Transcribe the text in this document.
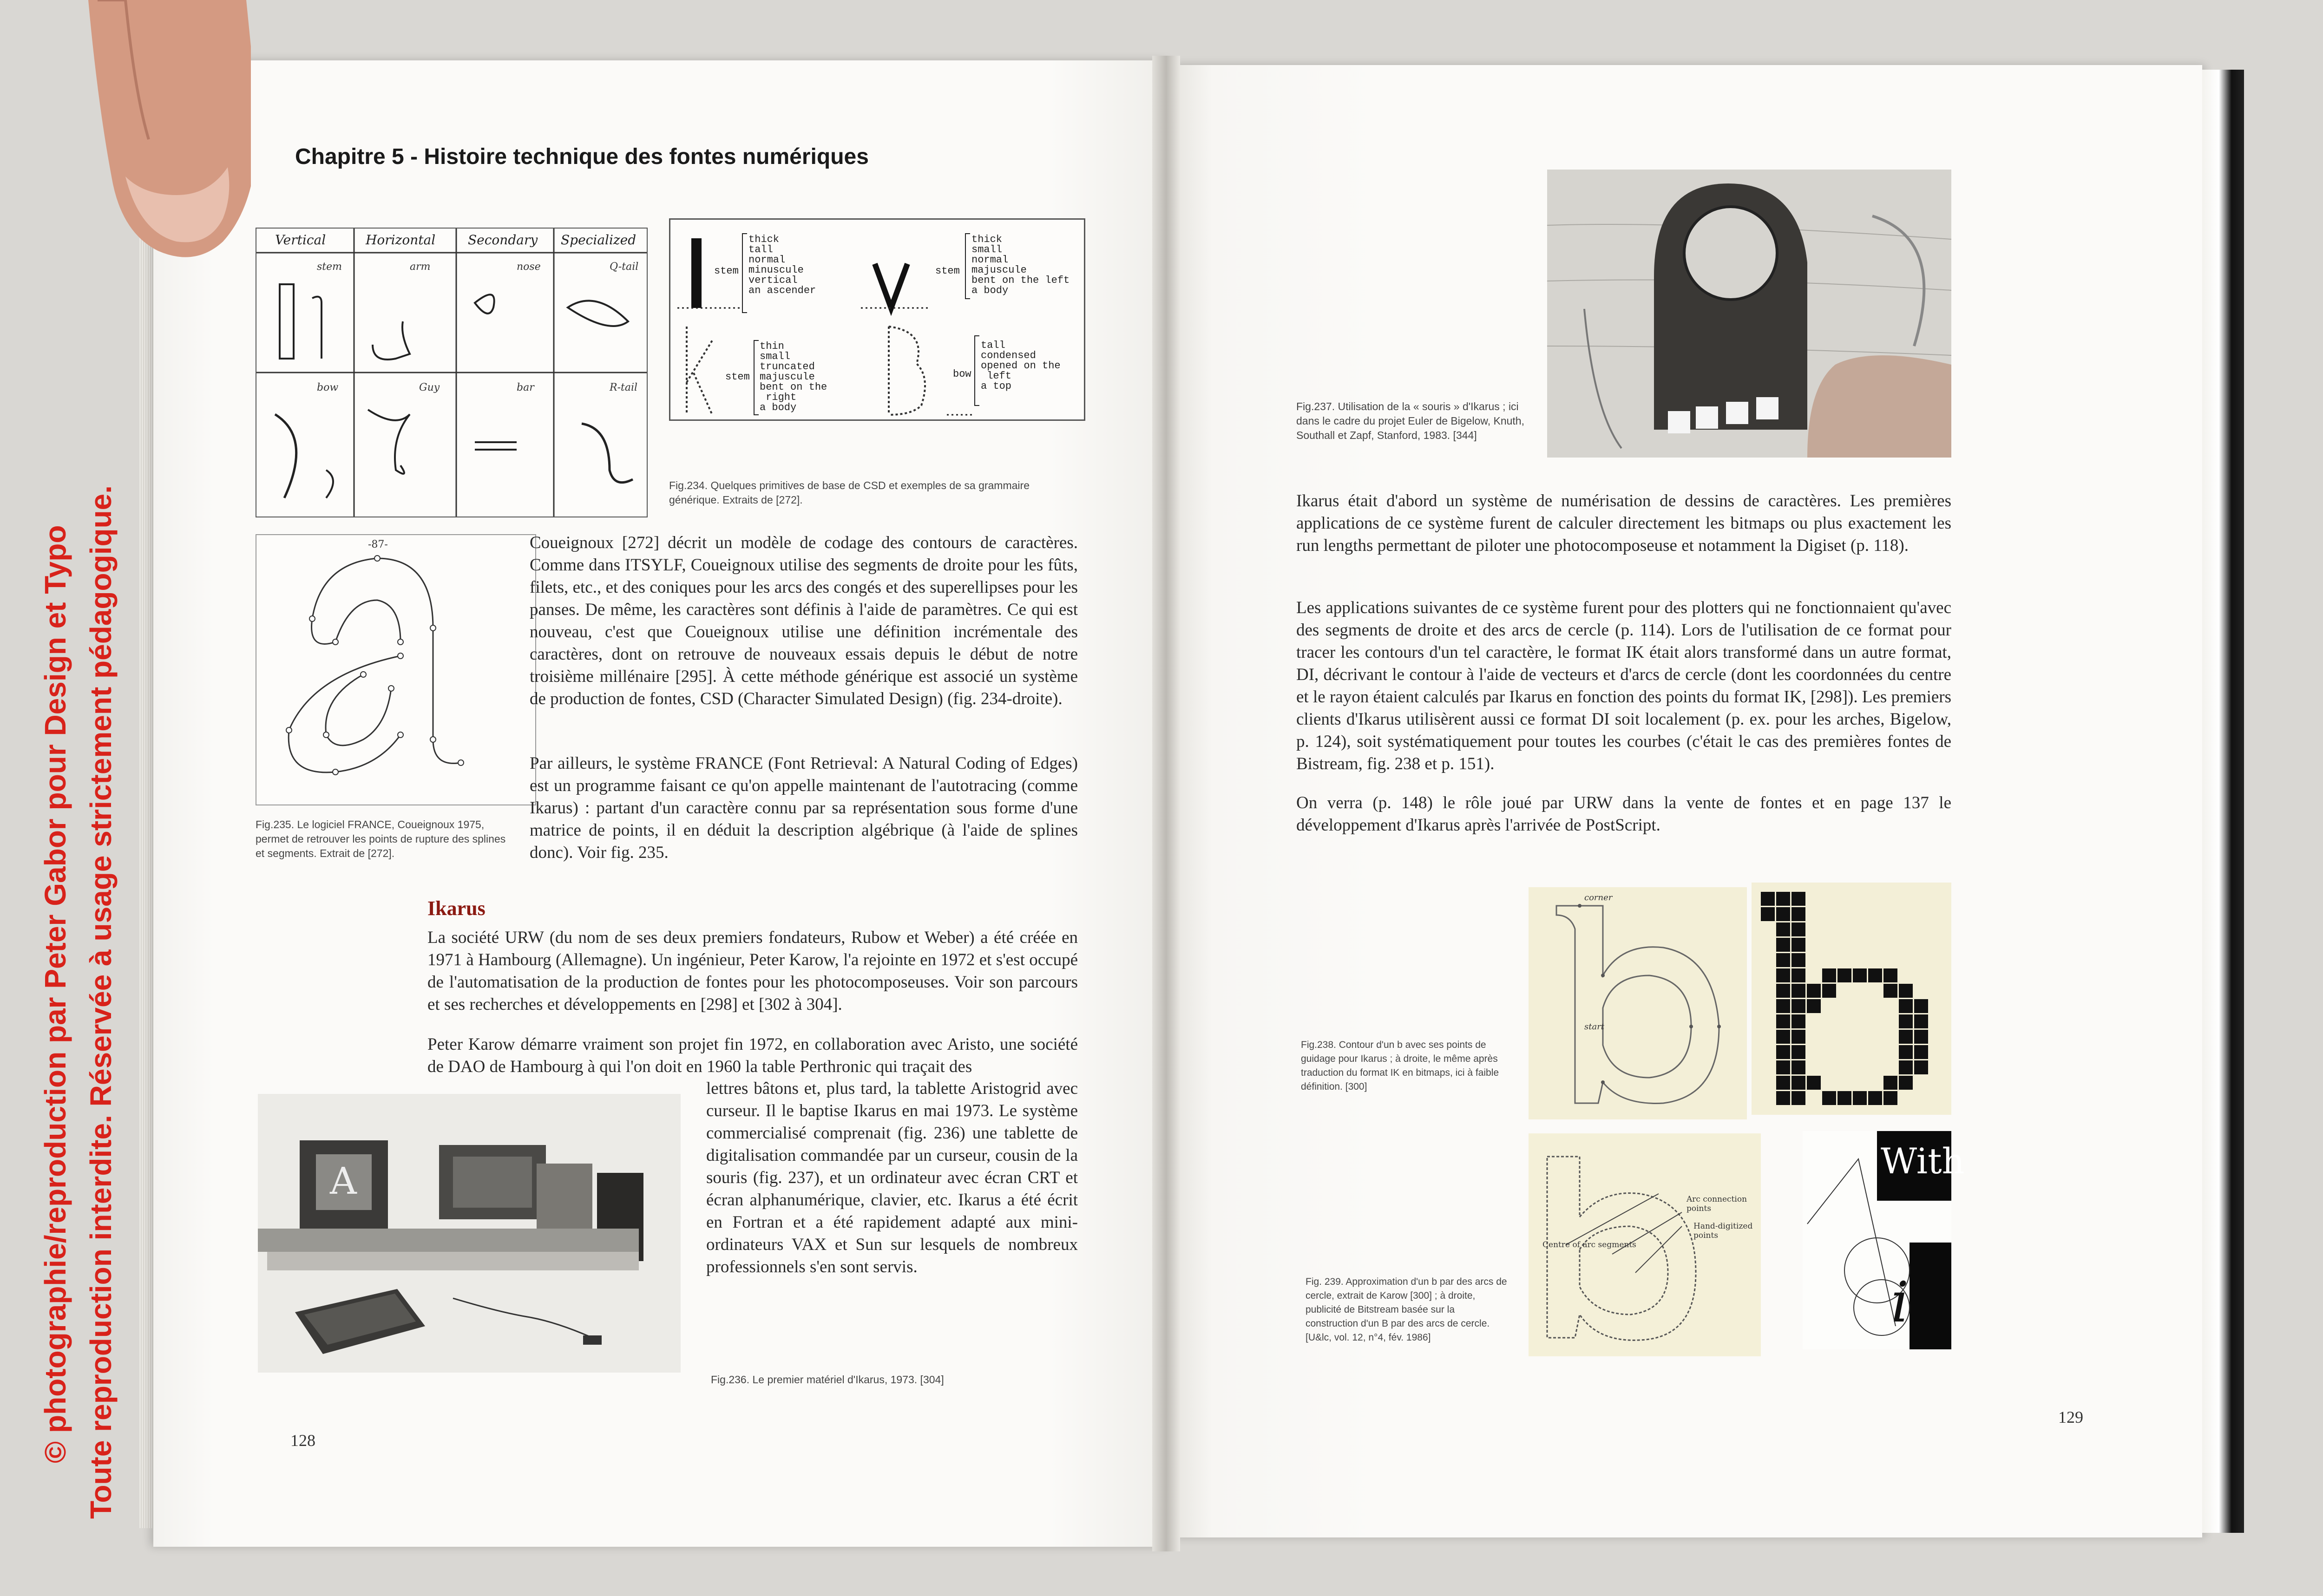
© photographie/reproduction par Peter Gabor pour Design et Typo Toute reproduction interdite. Réservée à usage strictement pédagogique.
Chapitre 5 - Histoire technique des fontes numériques
Vertical	Horizontal Secondary Specialized
stem	arm	nose	Q-tail
bow	Guy	bar	R-tail
stem
thick
tall
normal
minuscule
vertical
an ascender
stem
thick
small
normal
majuscule
bent on the left
a body
stem
thin
small
truncated
majuscule
bent on the
right
a body
bow
tall
condensed
opened on the
left
a top
Fig.234. Quelques primitives de base de CSD et exemples de sa grammaire générique. Extraits de [272].
-87-
Fig.235. Le logiciel FRANCE, Coueignoux 1975, permet de retrouver les points de rupture des splines et segments. Extrait de [272].
Coueignoux [272] décrit un modèle de codage des contours de caractères. Comme dans ITSYLF, Coueignoux utilise des segments de droite pour les fûts, filets, etc., et des coniques pour les arcs des congés et des superellipses pour les panses. De même, les caractères sont définis à l'aide de paramètres. Ce qui est nouveau, c'est que Coueignoux utilise une définition incrémentale des caractères, dont on retrouve de nouveaux essais depuis le début de notre troisième millénaire [295]. À cette méthode générique est associé un système de production de fontes, CSD (Character Simulated Design) (fig. 234-droite).
Par ailleurs, le système FRANCE (Font Retrieval: A Natural Coding of Edges) est un programme faisant ce qu'on appelle maintenant de l'autotracing (comme Ikarus) : partant d'un caractère connu par sa représentation sous forme d'une matrice de points, il en déduit la description algébrique (à l'aide de splines donc). Voir fig. 235.
Ikarus
La société URW (du nom de ses deux premiers fondateurs, Rubow et Weber) a été créée en 1971 à Hambourg (Allemagne). Un ingénieur, Peter Karow, l'a rejointe en 1972 et s'est occupé de l'automatisation de la production de fontes pour les photocomposeuses. Voir son parcours et ses recherches et développements en [298] et [302 à 304].
Peter Karow démarre vraiment son projet fin 1972, en collaboration avec Aristo, une société de DAO de Hambourg à qui l'on doit en 1960 la table Perthronic qui traçait des
lettres bâtons et, plus tard, la tablette Aristogrid avec curseur. Il le baptise Ikarus en mai 1973. Le système commercialisé comprenait (fig. 236) une tablette de digitalisation commandée par un curseur, cousin de la souris (fig. 237), et un ordinateur avec écran CRT et écran alphanumérique, clavier, etc. Ikarus a été écrit en Fortran et a été rapidement adapté aux mini-ordinateurs VAX et Sun sur lesquels de nombreux professionnels s'en sont servis.
A
Fig.236. Le premier matériel d'Ikarus, 1973. [304]
128
Fig.237. Utilisation de la « souris » d'Ikarus ; ici dans le cadre du projet Euler de Bigelow, Knuth, Southall et Zapf, Stanford, 1983. [344]
Ikarus était d'abord un système de numérisation de dessins de caractères. Les premières applications de ce système furent de calculer directement les bitmaps ou plus exactement les run lengths permettant de piloter une photocomposeuse et notamment la Digiset (p. 118).
Les applications suivantes de ce système furent pour des plotters qui ne fonctionnaient qu'avec des segments de droite et des arcs de cercle (p. 114). Lors de l'utilisation de ce format pour tracer les contours d'un tel caractère, le format IK était alors transformé dans un autre format, DI, décrivant le contour à l'aide de vecteurs et d'arcs de cercle (dont les coordonnées du centre et le rayon étaient calculés par Ikarus en fonction des points du format IK, [298]). Les premiers clients d'Ikarus utilisèrent aussi ce format DI soit localement (p. ex. pour les arches, Bigelow, p. 124), soit systématiquement pour toutes les courbes (c'était le cas des premières fontes de Bistream, fig. 238 et p. 151).
On verra (p. 148) le rôle joué par URW dans la vente de fontes et en page 137 le développement d'Ikarus après l'arrivée de PostScript.
corner
start
Fig.238. Contour d'un b avec ses points de guidage pour Ikarus ; à droite, le même après traduction du format IK en bitmaps, ici à faible définition. [300]
Arc connection points
Hand-digitized points
Centre of arc segments
i
With
Fig. 239. Approximation d'un b par des arcs de cercle, extrait de Karow [300] ; à droite, publicité de Bitstream basée sur la construction d'un B par des arcs de cercle. [U&lc, vol. 12, n°4, fév. 1986]
129
